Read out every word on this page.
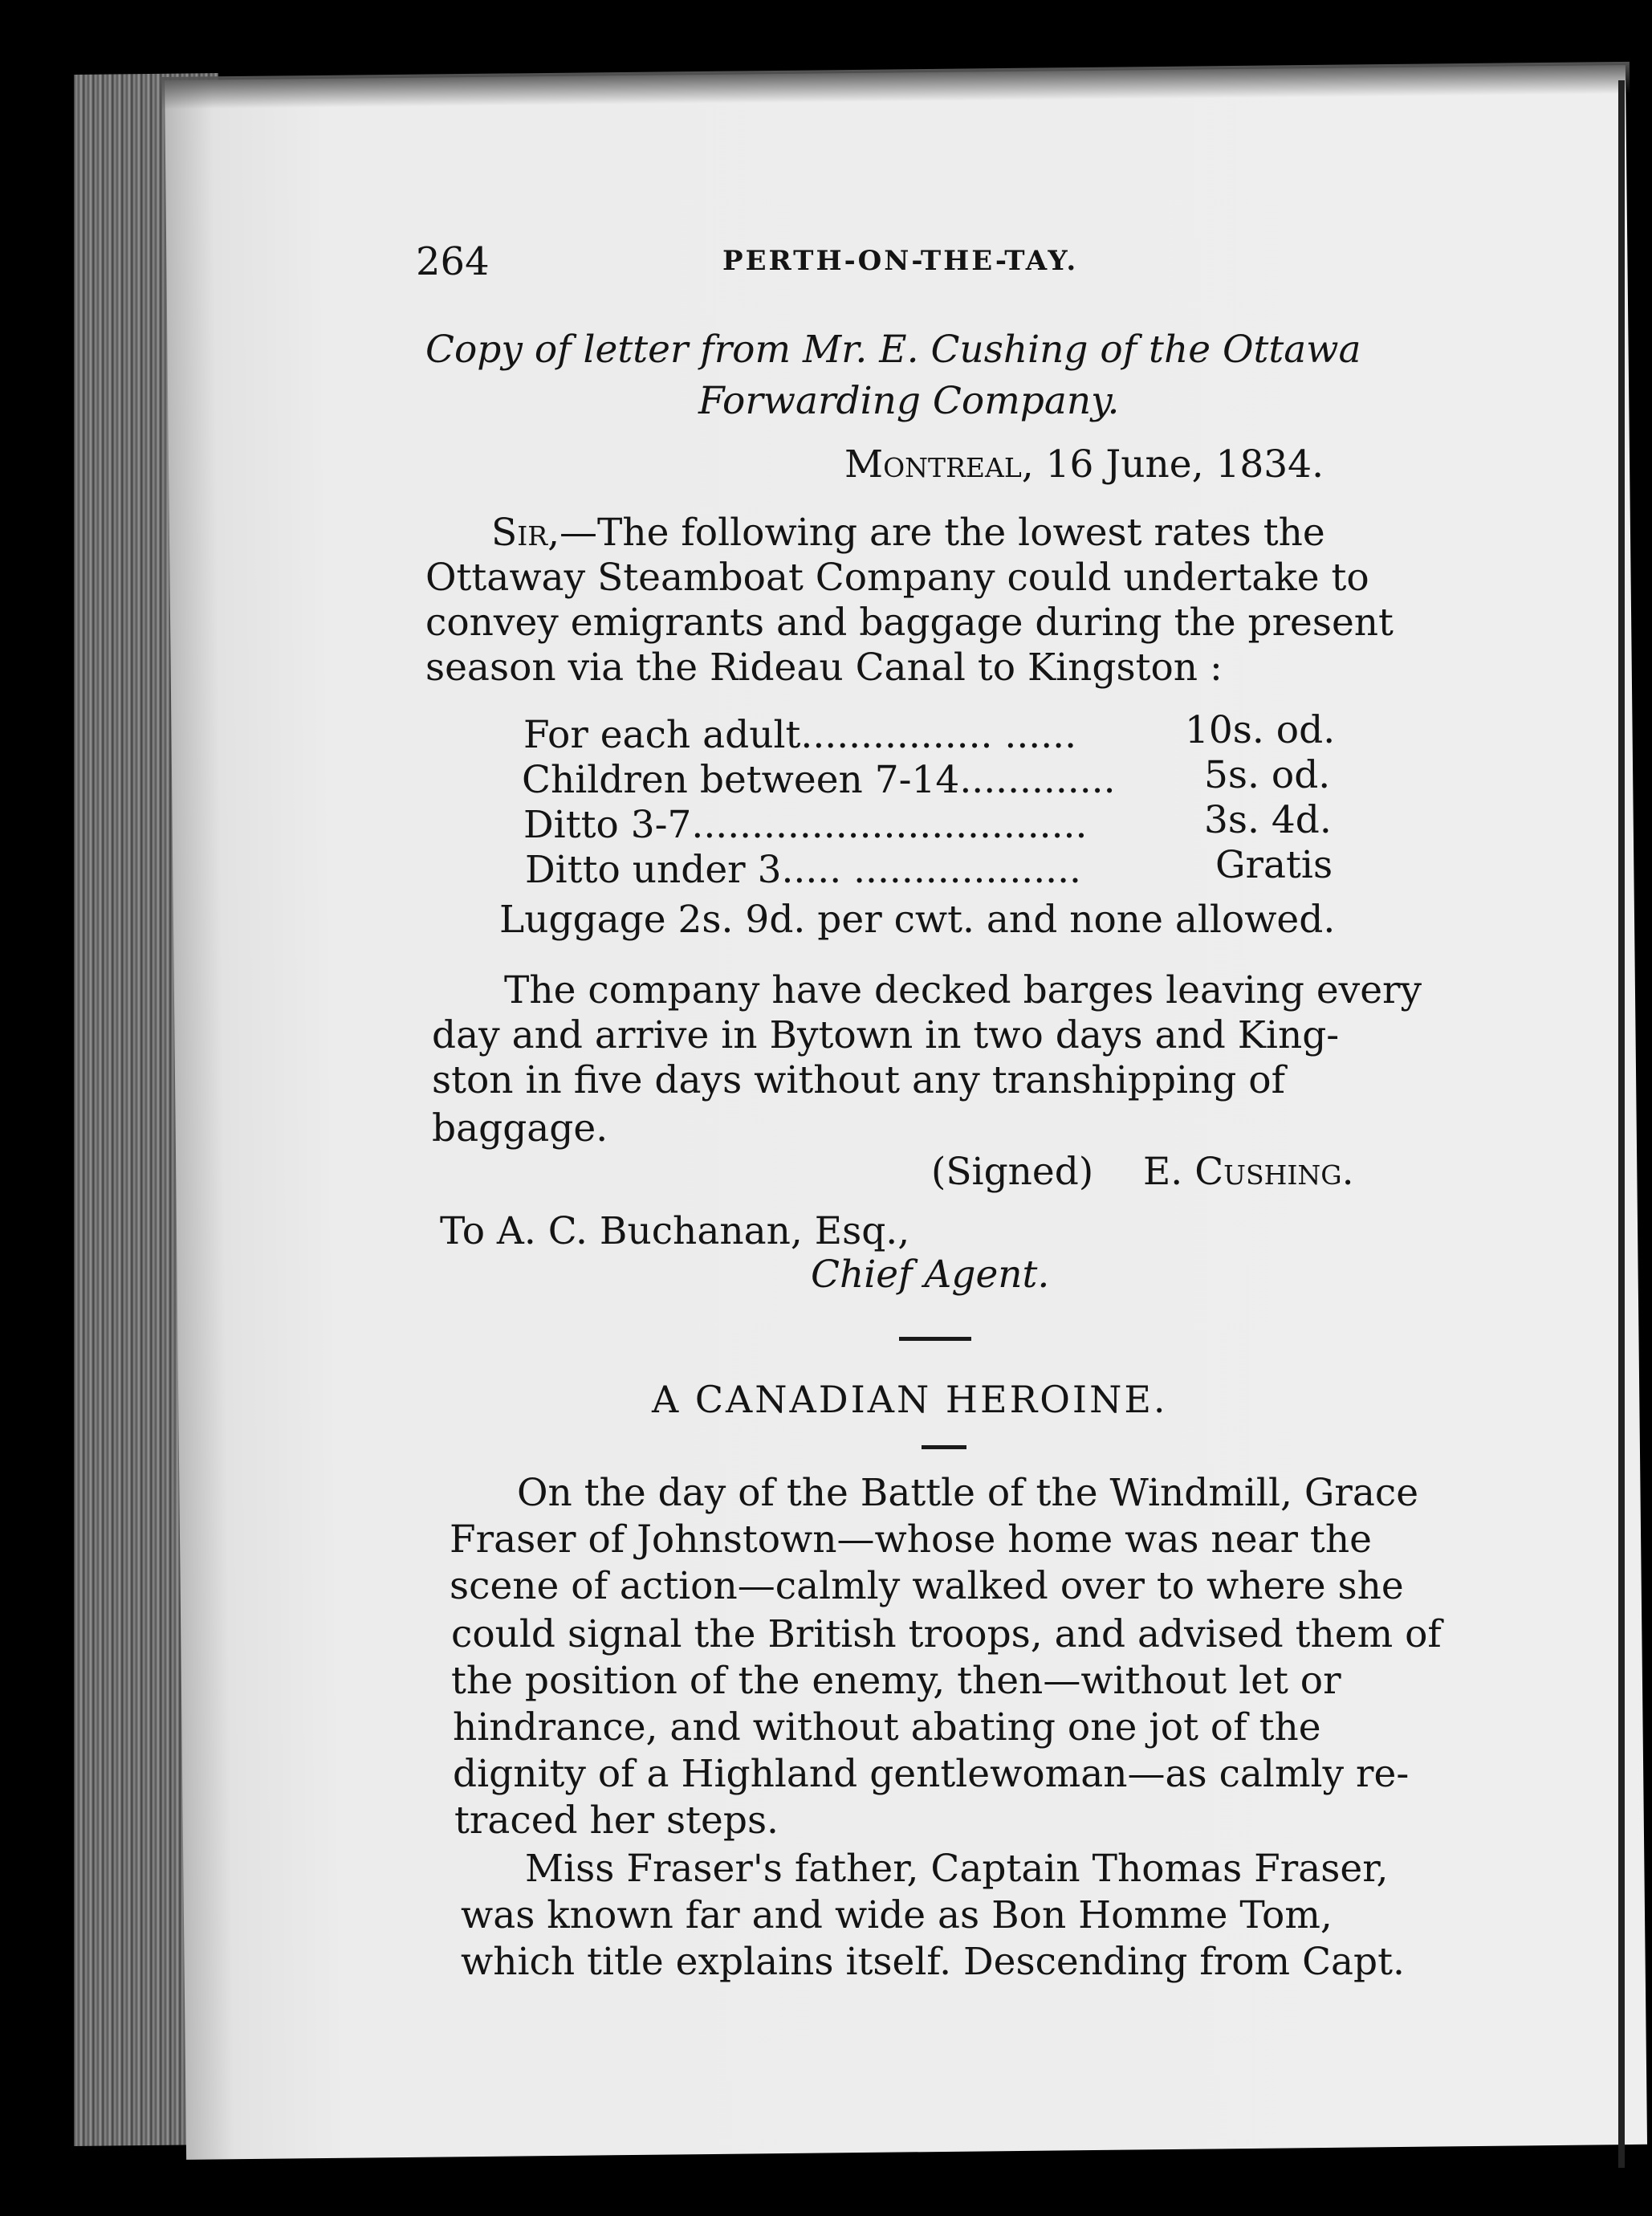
264	PERTH-ON-THE-TAY.
Copy of letter from Mr. E. Cushing of the Ottawa
Forwarding Company.
Montreal, 16 June, 1834.
Sir,—The following are the lowest rates the
Ottaway Steamboat Company could undertake to
convey emigrants and baggage during the present
season via the Rideau Canal to Kingston :
For each adult................ ......	10s. od.
Children between 7-14............. 5s. od.
Ditto 3-7.................................	3s. 4d.
Ditto under 3..... ...................	Gratis
Luggage 2s. 9d. per cwt. and none allowed.
The company have decked barges leaving every
day and arrive in Bytown in two days and King-
ston in five days without any transhipping of
baggage.
(Signed) E. Cushing.
To A. C. Buchanan, Esq.,
Chief Agent.
A CANADIAN HEROINE.
On the day of the Battle of the Windmill, Grace
Fraser of Johnstown—whose home was near the
scene of action—calmly walked over to where she
could signal the British troops, and advised them of
the position of the enemy, then—without let or
hindrance, and without abating one jot of the
dignity of a Highland gentlewoman—as calmly re-
traced her steps.
Miss Fraser's father, Captain Thomas Fraser,
was known far and wide as Bon Homme Tom,
which title explains itself. Descending from Capt.
